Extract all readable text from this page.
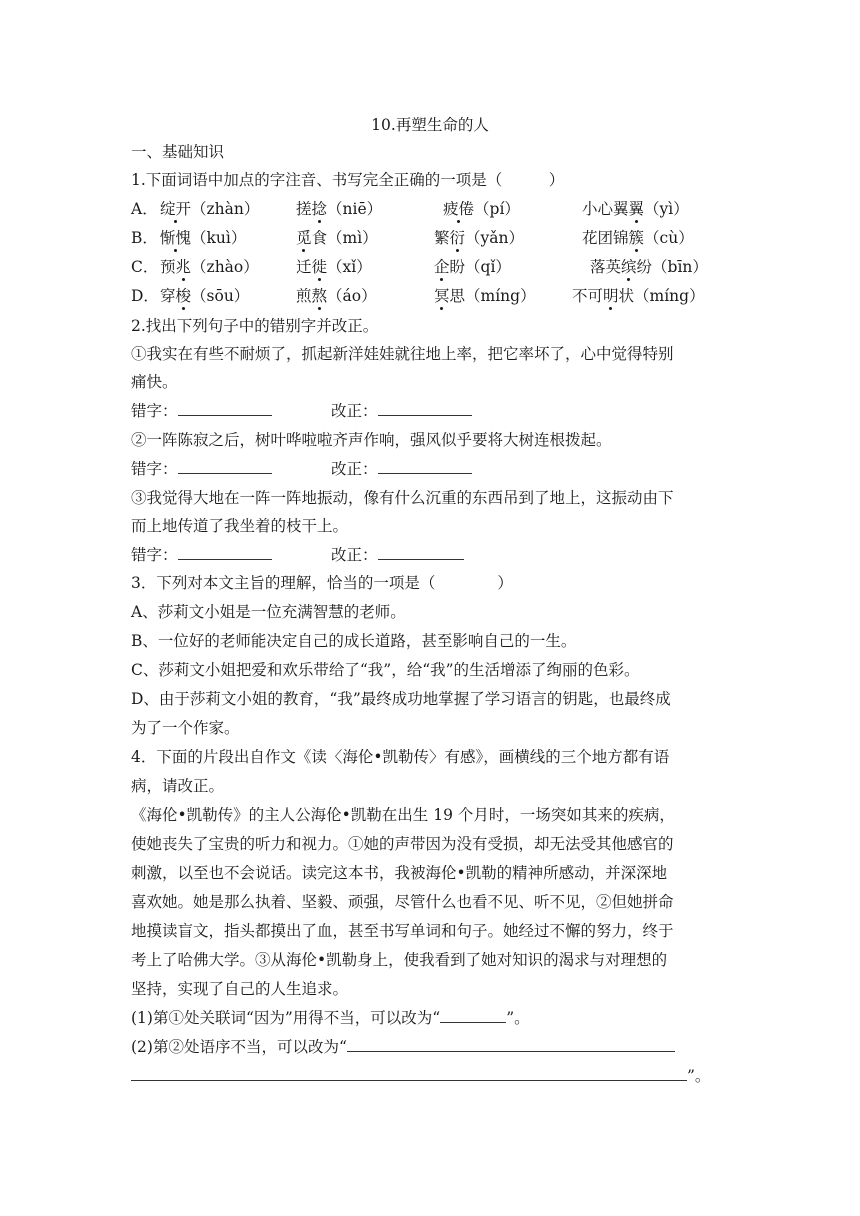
10.再塑生命的人
一、基础知识
1.下面词语中加点的字注音、书写完全正确的一项是（　　　）
A． 绽开（zhàn） 搓捻（niē）	疲倦（pí）	小心翼翼（yì）
B． 惭愧（kuì）	觅食（mì）	繁衍（yǎn）	花团锦簇（cù）
C． 预兆（zhào） 迁徙（xǐ）	企盼（qǐ）	落英缤纷（bīn）
D． 穿梭（sōu）	煎熬（áo）	冥思（míng） 不可明状（míng）
2.找出下列句子中的错别字并改正。
①我实在有些不耐烦了，抓起新洋娃娃就往地上率，把它率坏了，心中觉得特别
痛快。
错字：	改正：
②一阵陈寂之后，树叶哗啦啦齐声作响，强风似乎要将大树连根拨起。
错字：	改正：
③我觉得大地在一阵一阵地振动，像有什么沉重的东西吊到了地上，这振动由下
而上地传道了我坐着的枝干上。
错字：	改正：
3．下列对本文主旨的理解，恰当的一项是（　　　　）
A、莎莉文小姐是一位充满智慧的老师。
B、一位好的老师能决定自己的成长道路，甚至影响自己的一生。
C、莎莉文小姐把爱和欢乐带给了“我”，给“我”的生活增添了绚丽的色彩。
D、由于莎莉文小姐的教育，“我”最终成功地掌握了学习语言的钥匙，也最终成
为了一个作家。
4．下面的片段出自作文《读〈海伦•凯勒传〉有感》，画横线的三个地方都有语
病，请改正。
《海伦•凯勒传》的主人公海伦•凯勒在出生 19 个月时，一场突如其来的疾病，
使她丧失了宝贵的听力和视力。①她的声带因为没有受损，却无法受其他感官的
刺激，以至也不会说话。读完这本书，我被海伦•凯勒的精神所感动，并深深地
喜欢她。她是那么执着、坚毅、顽强，尽管什么也看不见、听不见，②但她拼命
地摸读盲文，指头都摸出了血，甚至书写单词和句子。她经过不懈的努力，终于
考上了哈佛大学。③从海伦•凯勒身上，使我看到了她对知识的渴求与对理想的
坚持，实现了自己的人生追求。
(1)第①处关联词“因为”用得不当，可以改为“	”。
(2)第②处语序不当，可以改为“
”。
